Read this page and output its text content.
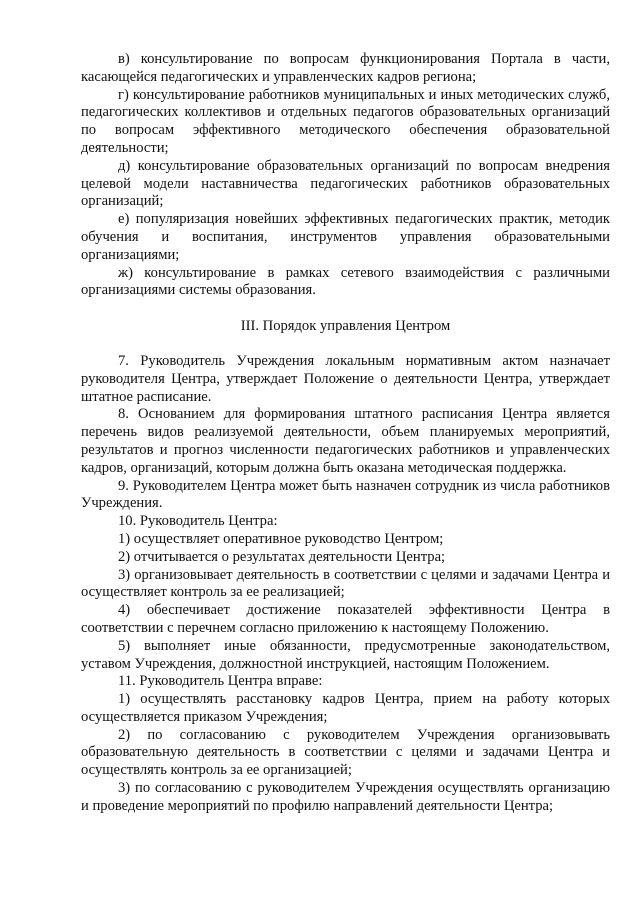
в) консультирование по вопросам функционирования Портала в части, касающейся педагогических и управленческих кадров региона;

г) консультирование работников муниципальных и иных методических служб, педагогических коллективов и отдельных педагогов образовательных организаций по вопросам эффективного методического обеспечения образовательной деятельности;

д) консультирование образовательных организаций по вопросам внедрения целевой модели наставничества педагогических работников образовательных организаций;

е) популяризация новейших эффективных педагогических практик, методик обучения и воспитания, инструментов управления образовательными организациями;

ж) консультирование в рамках сетевого взаимодействия с различными организациями системы образования.

III. Порядок управления Центром

7. Руководитель Учреждения локальным нормативным актом назначает руководителя Центра, утверждает Положение о деятельности Центра, утверждает штатное расписание.

8. Основанием для формирования штатного расписания Центра является перечень видов реализуемой деятельности, объем планируемых мероприятий, результатов и прогноз численности педагогических работников и управленческих кадров, организаций, которым должна быть оказана методическая поддержка.

9. Руководителем Центра может быть назначен сотрудник из числа работников Учреждения.

10. Руководитель Центра:

1) осуществляет оперативное руководство Центром;

2) отчитывается о результатах деятельности Центра;

3) организовывает деятельность в соответствии с целями и задачами Центра и осуществляет контроль за ее реализацией;

4) обеспечивает достижение показателей эффективности Центра в соответствии с перечнем согласно приложению к настоящему Положению.

5) выполняет иные обязанности, предусмотренные законодательством, уставом Учреждения, должностной инструкцией, настоящим Положением.

11. Руководитель Центра вправе:

1) осуществлять расстановку кадров Центра, прием на работу которых осуществляется приказом Учреждения;

2) по согласованию с руководителем Учреждения организовывать образовательную деятельность в соответствии с целями и задачами Центра и осуществлять контроль за ее организацией;

3) по согласованию с руководителем Учреждения осуществлять организацию и проведение мероприятий по профилю направлений деятельности Центра;
